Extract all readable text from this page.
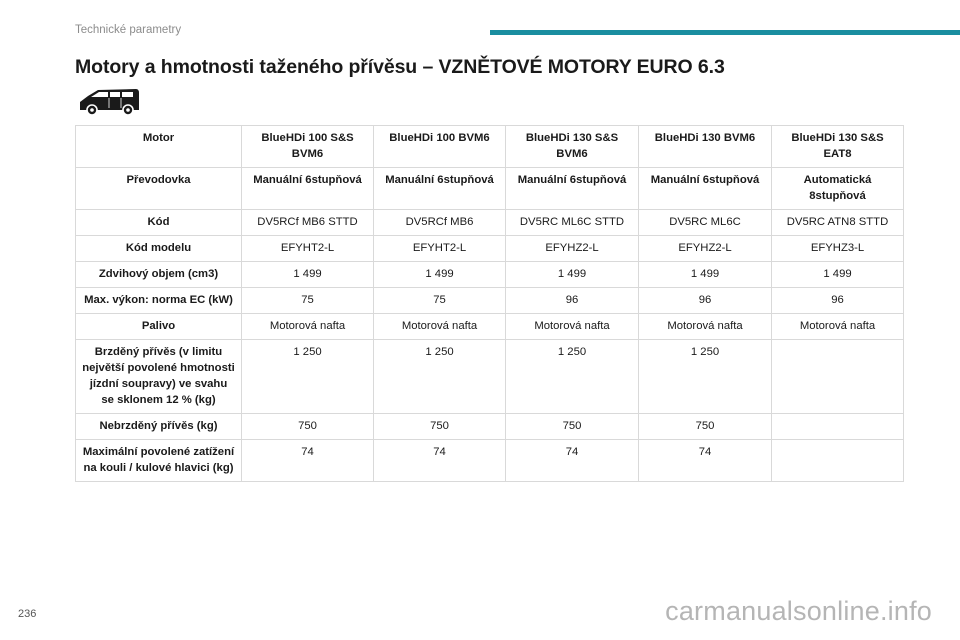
Technické parametry
Motory a hmotnosti taženého přívěsu – VZNĚTOVÉ MOTORY EURO 6.3
Motor	BlueHDi 100 S&S BVM6	BlueHDi 100 BVM6	BlueHDi 130 S&S BVM6	BlueHDi 130 BVM6	BlueHDi 130 S&S EAT8
Převodovka	Manuální 6stupňová	Manuální 6stupňová	Manuální 6stupňová	Manuální 6stupňová	Automatická 8stupňová
Kód	DV5RCf MB6 STTD	DV5RCf MB6	DV5RC ML6C STTD	DV5RC ML6C	DV5RC ATN8 STTD
Kód modelu	EFYHT2-L	EFYHT2-L	EFYHZ2-L	EFYHZ2-L	EFYHZ3-L
Zdvihový objem (cm3)	1 499	1 499	1 499	1 499	1 499
Max. výkon: norma EC (kW)	75	75	96	96	96
Palivo	Motorová nafta	Motorová nafta	Motorová nafta	Motorová nafta	Motorová nafta
Brzděný přívěs (v limitu největší povolené hmotnosti jízdní soupravy) ve svahu se sklonem 12 % (kg)	1 250	1 250	1 250	1 250	
Nebrzděný přívěs (kg)	750	750	750	750	
Maximální povolené zatížení na kouli / kulové hlavici (kg)	74	74	74	74	
236	carmanualsonline.info
